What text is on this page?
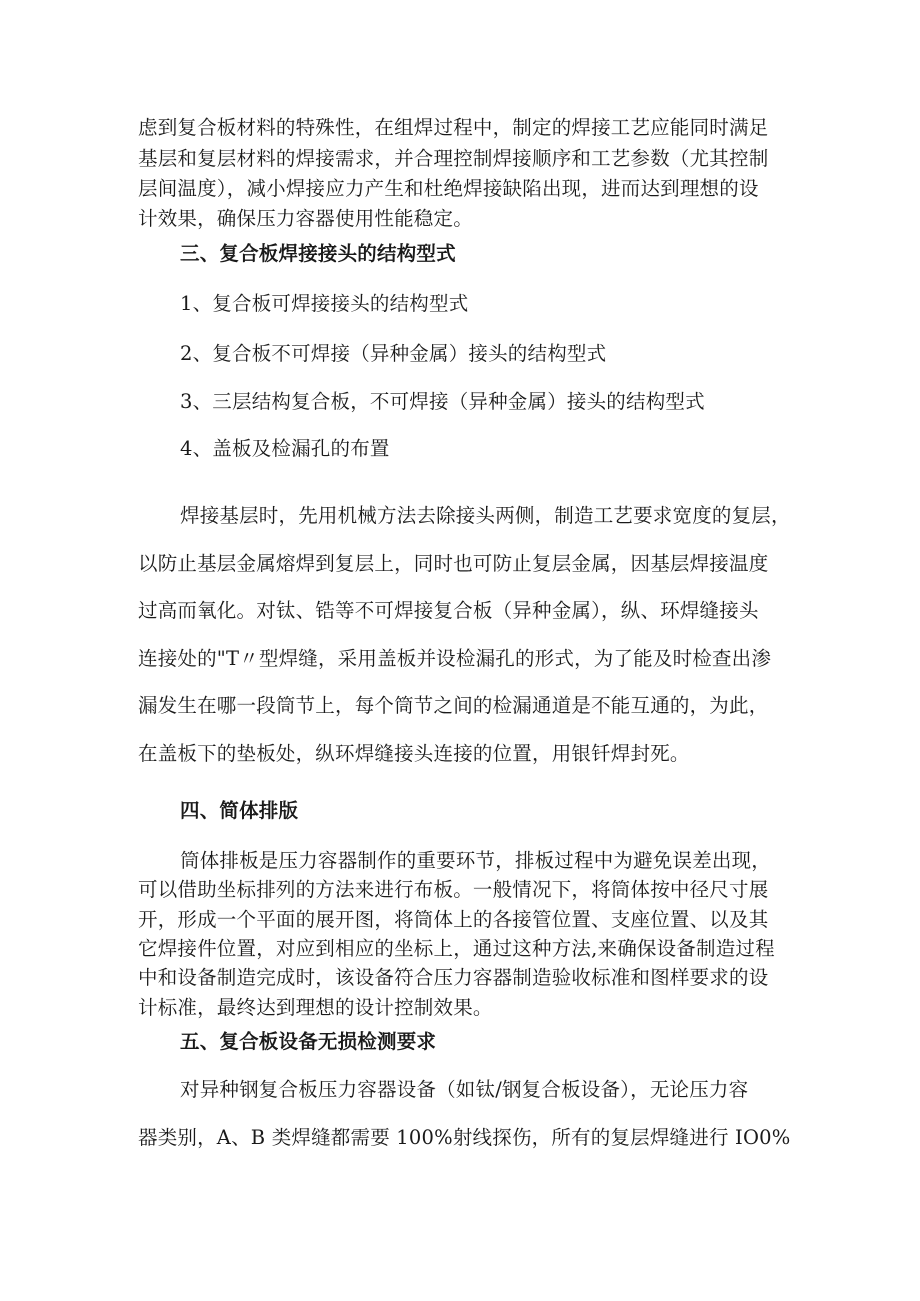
虑到复合板材料的特殊性，在组焊过程中，制定的焊接工艺应能同时满足
基层和复层材料的焊接需求，并合理控制焊接顺序和工艺参数（尤其控制
层间温度），减小焊接应力产生和杜绝焊接缺陷出现，进而达到理想的设
计效果，确保压力容器使用性能稳定。
三、复合板焊接接头的结构型式
1、复合板可焊接接头的结构型式
2、复合板不可焊接（异种金属）接头的结构型式
3、三层结构复合板，不可焊接（异种金属）接头的结构型式
4、盖板及检漏孔的布置
焊接基层时，先用机械方法去除接头两侧，制造工艺要求宽度的复层，
以防止基层金属熔焊到复层上，同时也可防止复层金属，因基层焊接温度
过高而氧化。对钛、锆等不可焊接复合板（异种金属），纵、环焊缝接头
连接处的"T〃型焊缝，采用盖板并设检漏孔的形式，为了能及时检查出渗
漏发生在哪一段筒节上，每个筒节之间的检漏通道是不能互通的，为此，
在盖板下的垫板处，纵环焊缝接头连接的位置，用银钎焊封死。
四、简体排版
筒体排板是压力容器制作的重要环节，排板过程中为避免误差出现，
可以借助坐标排列的方法来进行布板。一般情况下，将筒体按中径尺寸展
开，形成一个平面的展开图，将筒体上的各接管位置、支座位置、以及其
它焊接件位置，对应到相应的坐标上，通过这种方法,来确保设备制造过程
中和设备制造完成时，该设备符合压力容器制造验收标准和图样要求的设
计标准，最终达到理想的设计控制效果。
五、复合板设备无损检测要求
对异种钢复合板压力容器设备（如钛/钢复合板设备），无论压力容
器类别，A、B 类焊缝都需要 100%射线探伤，所有的复层焊缝进行 IO0%
